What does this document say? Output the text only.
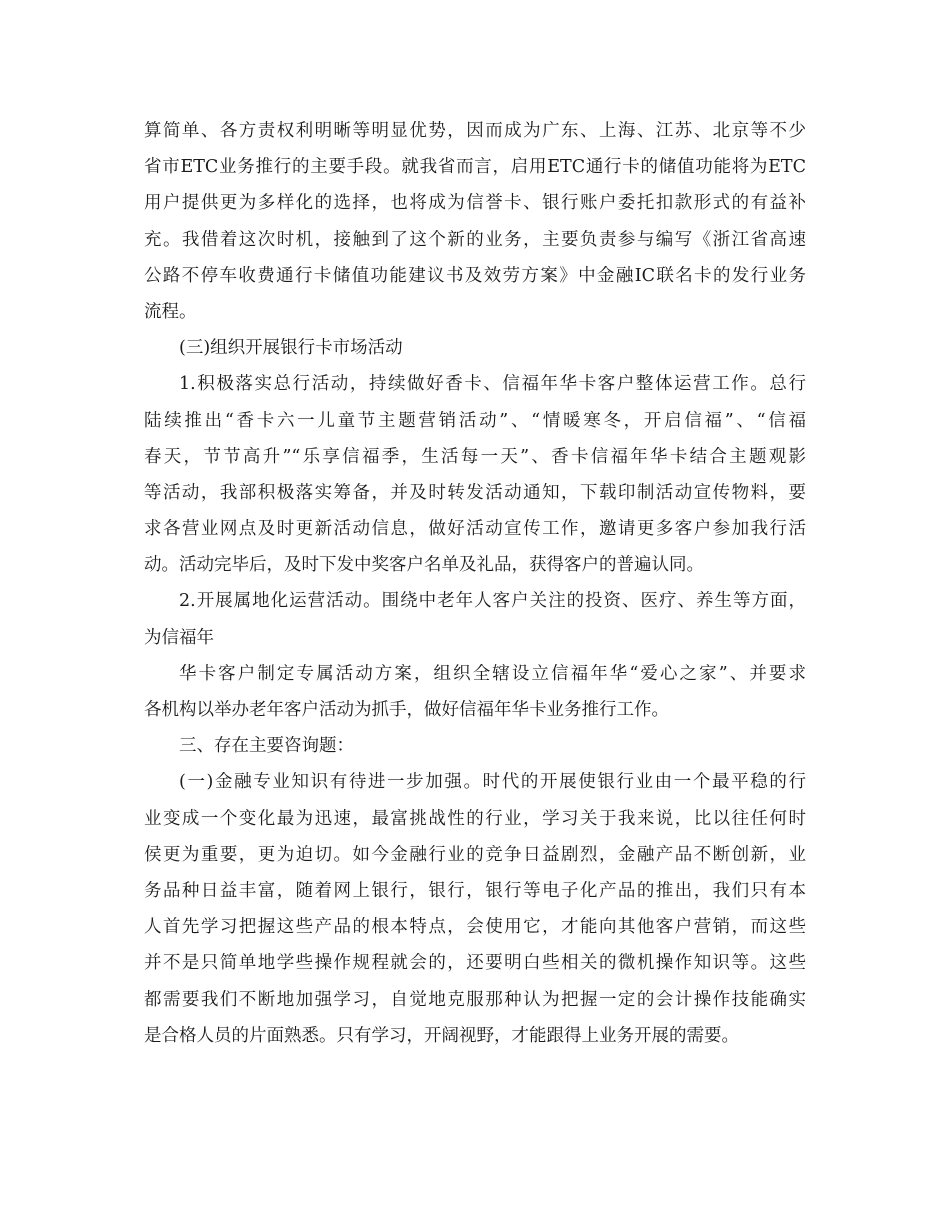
算简单、各方责权利明晰等明显优势，因而成为广东、上海、江苏、北京等不少
省市ETC业务推行的主要手段。就我省而言，启用ETC通行卡的储值功能将为ETC
用户提供更为多样化的选择，也将成为信誉卡、银行账户委托扣款形式的有益补
充。我借着这次时机，接触到了这个新的业务，主要负责参与编写《浙江省高速
公路不停车收费通行卡储值功能建议书及效劳方案》中金融IC联名卡的发行业务
流程。
(三)组织开展银行卡市场活动
1.积极落实总行活动，持续做好香卡、信福年华卡客户整体运营工作。总行
陆续推出“香卡六一儿童节主题营销活动”、“情暖寒冬，开启信福”、“信福
春天，节节高升”“乐享信福季，生活每一天”、香卡信福年华卡结合主题观影
等活动，我部积极落实筹备，并及时转发活动通知，下载印制活动宣传物料，要
求各营业网点及时更新活动信息，做好活动宣传工作，邀请更多客户参加我行活
动。活动完毕后，及时下发中奖客户名单及礼品，获得客户的普遍认同。
2.开展属地化运营活动。围绕中老年人客户关注的投资、医疗、养生等方面，
为信福年
华卡客户制定专属活动方案，组织全辖设立信福年华“爱心之家”、并要求
各机构以举办老年客户活动为抓手，做好信福年华卡业务推行工作。
三、存在主要咨询题：
(一)金融专业知识有待进一步加强。时代的开展使银行业由一个最平稳的行
业变成一个变化最为迅速，最富挑战性的行业，学习关于我来说，比以往任何时
侯更为重要，更为迫切。如今金融行业的竞争日益剧烈，金融产品不断创新，业
务品种日益丰富，随着网上银行，银行，银行等电子化产品的推出，我们只有本
人首先学习把握这些产品的根本特点，会使用它，才能向其他客户营销，而这些
并不是只简单地学些操作规程就会的，还要明白些相关的微机操作知识等。这些
都需要我们不断地加强学习，自觉地克服那种认为把握一定的会计操作技能确实
是合格人员的片面熟悉。只有学习，开阔视野，才能跟得上业务开展的需要。
